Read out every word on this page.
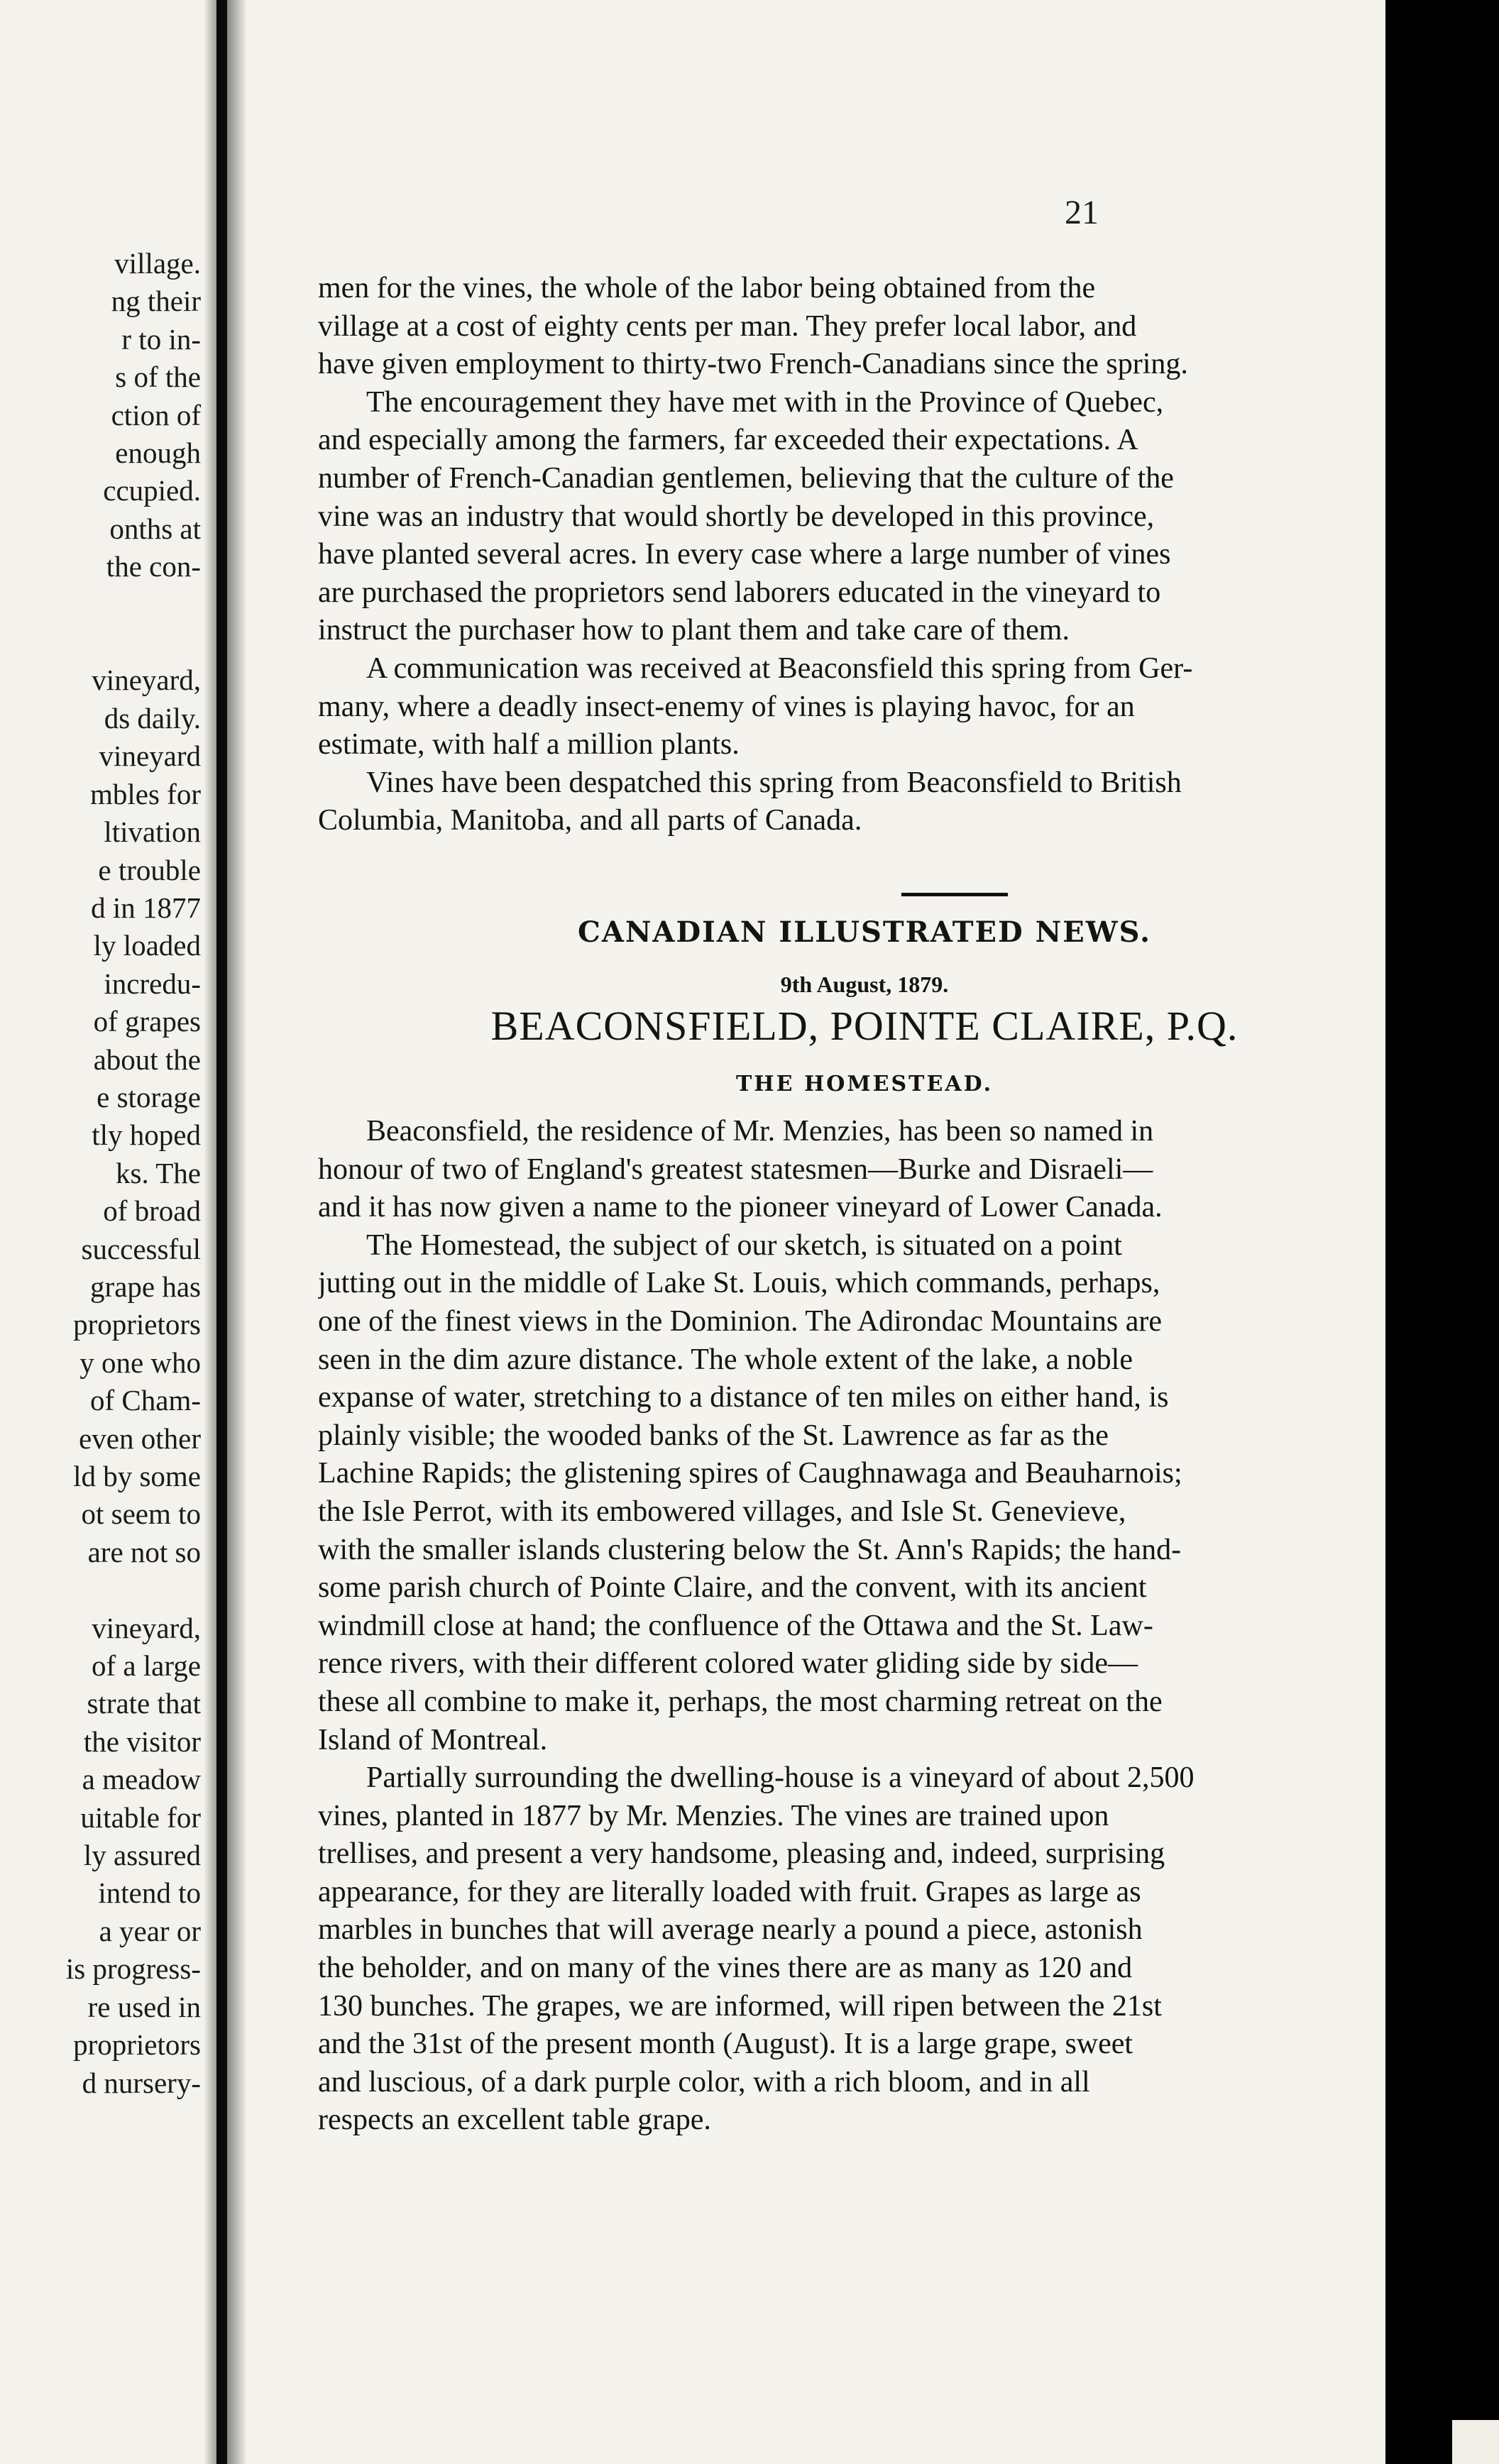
village.
ng their
r to in-
s of the
ction of
enough
ccupied.
onths at
the con-

vineyard,
ds daily.
vineyard
mbles for
ltivation
e trouble
d in 1877
ly loaded
incredu-
of grapes
about the
e storage
tly hoped
ks. The
of broad
successful
grape has
proprietors
y one who
of Cham-
even other
ld by some
ot seem to
are not so

vineyard,
of a large
strate that
the visitor
a meadow
uitable for
ly assured
intend to
a year or
is progress-
re used in
proprietors
d nursery-
21
men for the vines, the whole of the labor being obtained from the
village at a cost of eighty cents per man. They prefer local labor, and
have given employment to thirty-two French-Canadians since the spring.
The encouragement they have met with in the Province of Quebec,
and especially among the farmers, far exceeded their expectations. A
number of French-Canadian gentlemen, believing that the culture of the
vine was an industry that would shortly be developed in this province,
have planted several acres. In every case where a large number of vines
are purchased the proprietors send laborers educated in the vineyard to
instruct the purchaser how to plant them and take care of them.
A communication was received at Beaconsfield this spring from Ger-
many, where a deadly insect-enemy of vines is playing havoc, for an
estimate, with half a million plants.
Vines have been despatched this spring from Beaconsfield to British
Columbia, Manitoba, and all parts of Canada.
CANADIAN ILLUSTRATED NEWS.
9th August, 1879.
BEACONSFIELD, POINTE CLAIRE, P.Q.
THE HOMESTEAD.
Beaconsfield, the residence of Mr. Menzies, has been so named in
honour of two of England's greatest statesmen—Burke and Disraeli—
and it has now given a name to the pioneer vineyard of Lower Canada.
The Homestead, the subject of our sketch, is situated on a point
jutting out in the middle of Lake St. Louis, which commands, perhaps,
one of the finest views in the Dominion. The Adirondac Mountains are
seen in the dim azure distance. The whole extent of the lake, a noble
expanse of water, stretching to a distance of ten miles on either hand, is
plainly visible; the wooded banks of the St. Lawrence as far as the
Lachine Rapids; the glistening spires of Caughnawaga and Beauharnois;
the Isle Perrot, with its embowered villages, and Isle St. Genevieve,
with the smaller islands clustering below the St. Ann's Rapids; the hand-
some parish church of Pointe Claire, and the convent, with its ancient
windmill close at hand; the confluence of the Ottawa and the St. Law-
rence rivers, with their different colored water gliding side by side—
these all combine to make it, perhaps, the most charming retreat on the
Island of Montreal.
Partially surrounding the dwelling-house is a vineyard of about 2,500
vines, planted in 1877 by Mr. Menzies. The vines are trained upon
trellises, and present a very handsome, pleasing and, indeed, surprising
appearance, for they are literally loaded with fruit. Grapes as large as
marbles in bunches that will average nearly a pound a piece, astonish
the beholder, and on many of the vines there are as many as 120 and
130 bunches. The grapes, we are informed, will ripen between the 21st
and the 31st of the present month (August). It is a large grape, sweet
and luscious, of a dark purple color, with a rich bloom, and in all
respects an excellent table grape.
